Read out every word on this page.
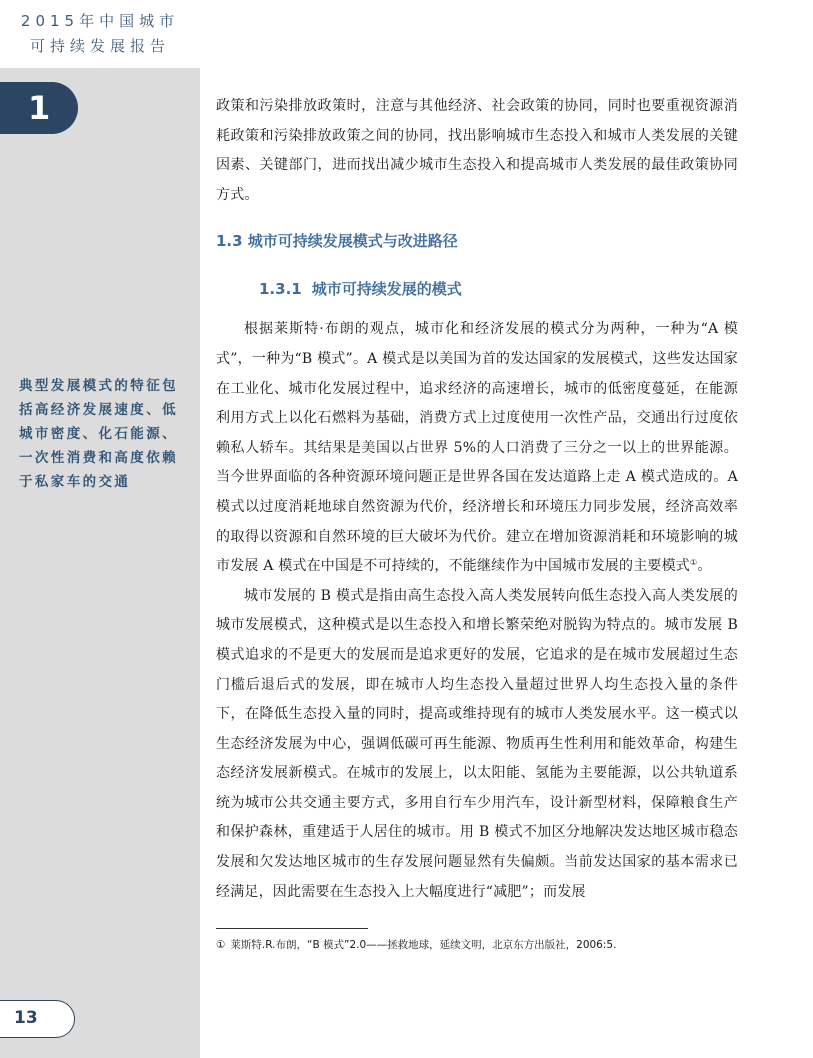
2015年中国城市
可持续发展报告
1
典型发展模式的特征包括高经济发展速度、低城市密度、化石能源、一次性消费和高度依赖于私家车的交通
13

政策和污染排放政策时，注意与其他经济、社会政策的协同，同时也要重视资源消耗政策和污染排放政策之间的协同，找出影响城市生态投入和城市人类发展的关键因素、关键部门，进而找出减少城市生态投入和提高城市人类发展的最佳政策协同方式。

1.3 城市可持续发展模式与改进路径
1.3.1 城市可持续发展的模式

根据莱斯特·布朗的观点，城市化和经济发展的模式分为两种，一种为“A 模式”，一种为“B 模式”。A 模式是以美国为首的发达国家的发展模式，这些发达国家在工业化、城市化发展过程中，追求经济的高速增长，城市的低密度蔓延，在能源利用方式上以化石燃料为基础，消费方式上过度使用一次性产品，交通出行过度依赖私人轿车。其结果是美国以占世界 5%的人口消费了三分之一以上的世界能源。当今世界面临的各种资源环境问题正是世界各国在发达道路上走 A 模式造成的。A 模式以过度消耗地球自然资源为代价，经济增长和环境压力同步发展，经济高效率的取得以资源和自然环境的巨大破坏为代价。建立在增加资源消耗和环境影响的城市发展 A 模式在中国是不可持续的，不能继续作为中国城市发展的主要模式①。

城市发展的 B 模式是指由高生态投入高人类发展转向低生态投入高人类发展的城市发展模式，这种模式是以生态投入和增长繁荣绝对脱钩为特点的。城市发展 B 模式追求的不是更大的发展而是追求更好的发展，它追求的是在城市发展超过生态门槛后退后式的发展，即在城市人均生态投入量超过世界人均生态投入量的条件下，在降低生态投入量的同时，提高或维持现有的城市人类发展水平。这一模式以生态经济发展为中心，强调低碳可再生能源、物质再生性利用和能效革命，构建生态经济发展新模式。在城市的发展上，以太阳能、氢能为主要能源，以公共轨道系统为城市公共交通主要方式，多用自行车少用汽车，设计新型材料，保障粮食生产和保护森林，重建适于人居住的城市。用 B 模式不加区分地解决发达地区城市稳态发展和欠发达地区城市的生存发展问题显然有失偏颇。当前发达国家的基本需求已经满足，因此需要在生态投入上大幅度进行“减肥”；而发展

① 莱斯特.R.布朗，“B 模式”2.0——拯救地球，延续文明，北京东方出版社，2006:5.
